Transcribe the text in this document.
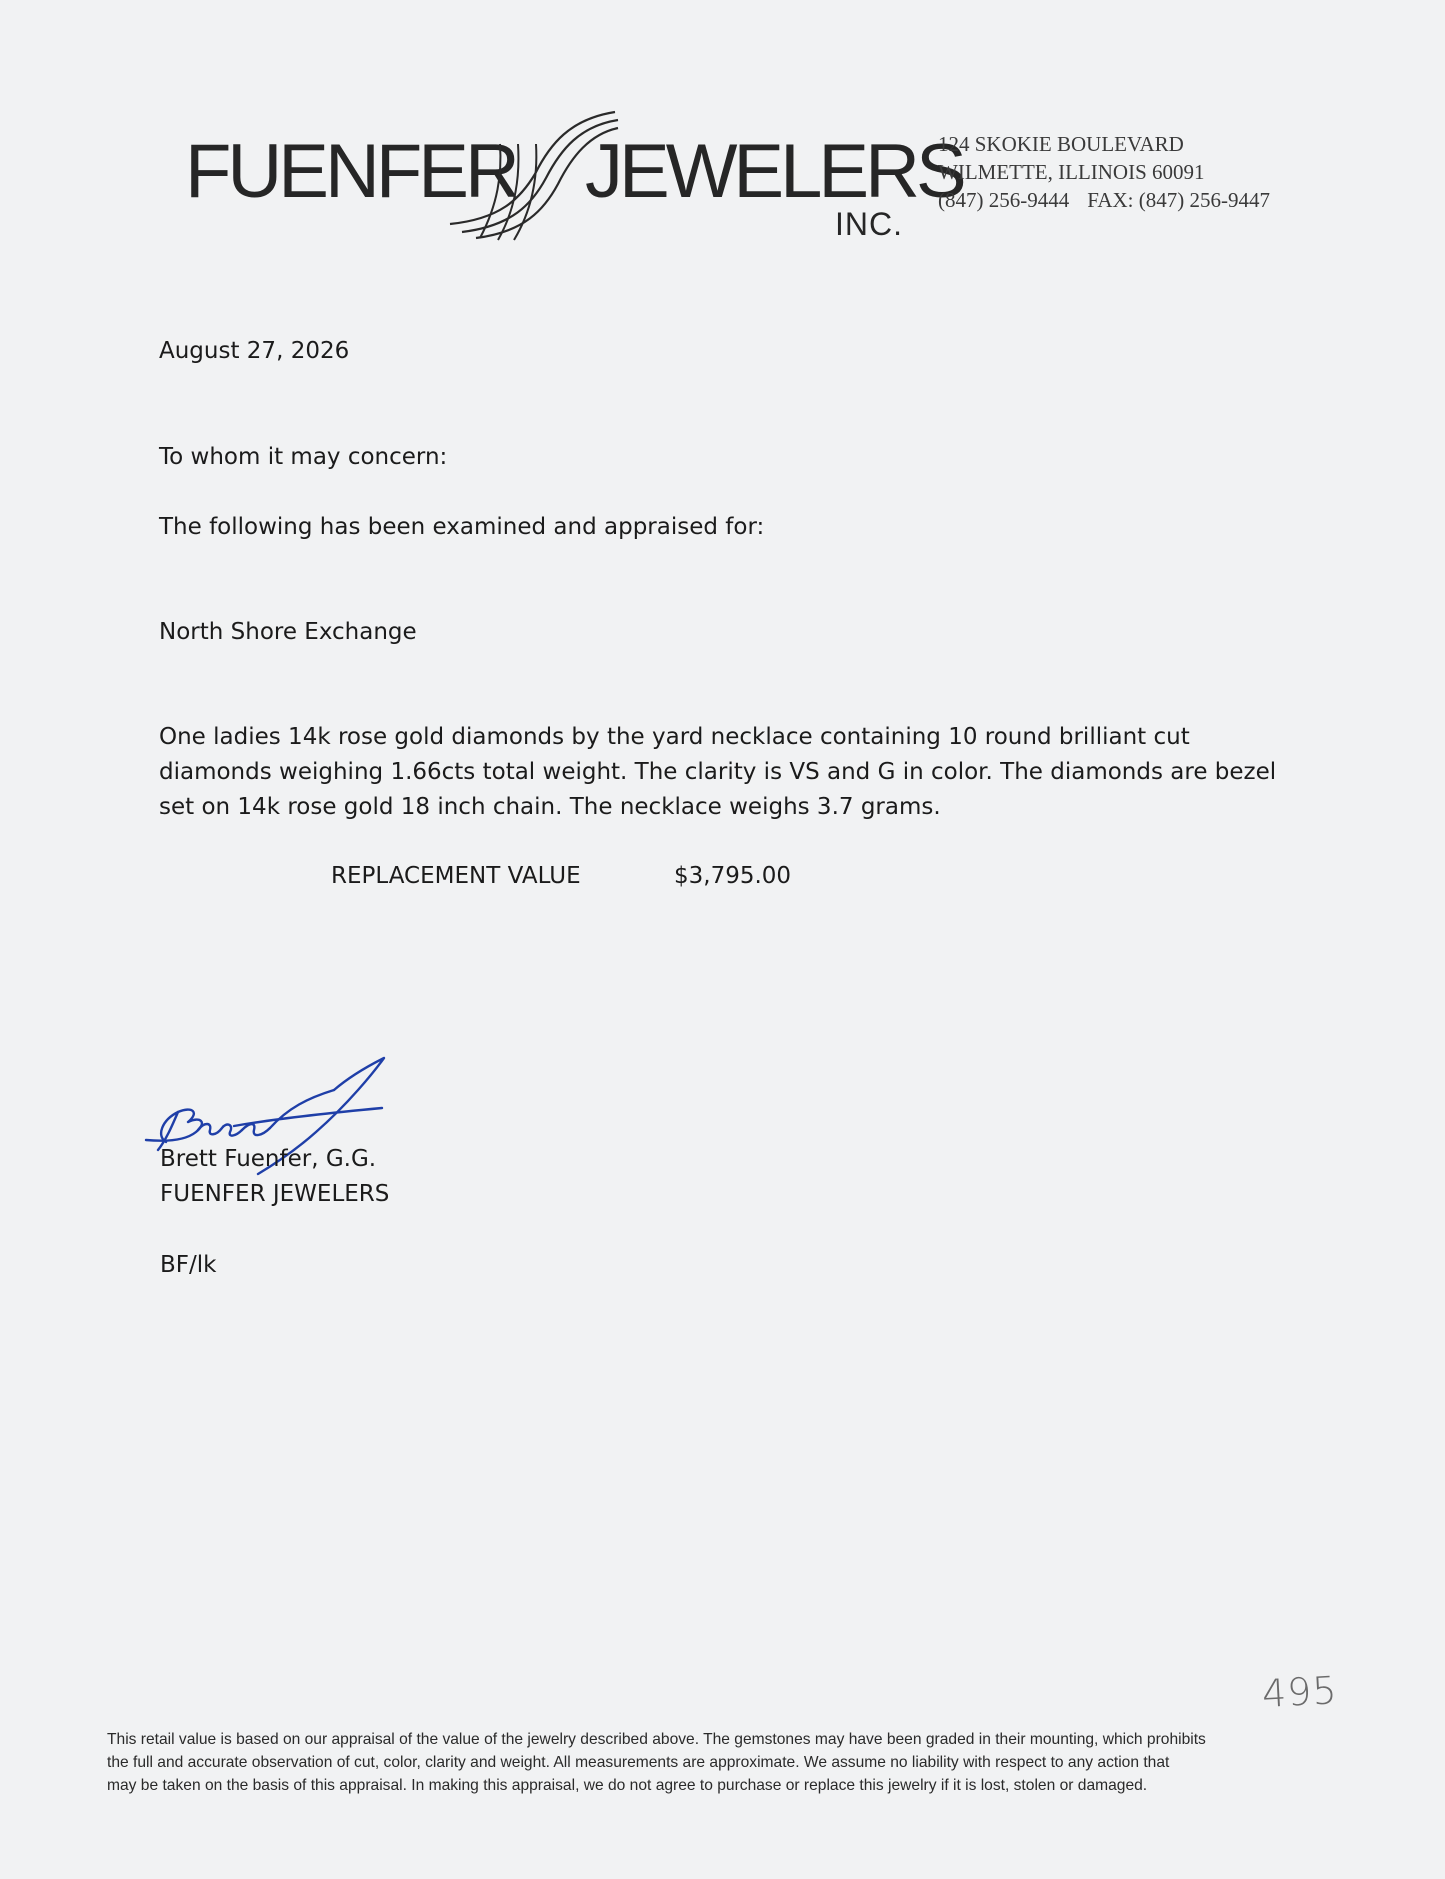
FUENFER JEWELERS
INC.
124 SKOKIE BOULEVARD
WILMETTE, ILLINOIS 60091
(847) 256-9444 FAX: (847) 256-9447
August 27, 2026
To whom it may concern:
The following has been examined and appraised for:
North Shore Exchange
One ladies 14k rose gold diamonds by the yard necklace containing 10 round brilliant cut
diamonds weighing 1.66cts total weight. The clarity is VS and G in color. The diamonds are bezel
set on 14k rose gold 18 inch chain. The necklace weighs 3.7 grams.
REPLACEMENT VALUE	$3,795.00
Brett Fuenfer, G.G.
FUENFER JEWELERS
BF/lk
495
This retail value is based on our appraisal of the value of the jewelry described above. The gemstones may have been graded in their mounting, which prohibits
the full and accurate observation of cut, color, clarity and weight. All measurements are approximate. We assume no liability with respect to any action that
may be taken on the basis of this appraisal. In making this appraisal, we do not agree to purchase or replace this jewelry if it is lost, stolen or damaged.
